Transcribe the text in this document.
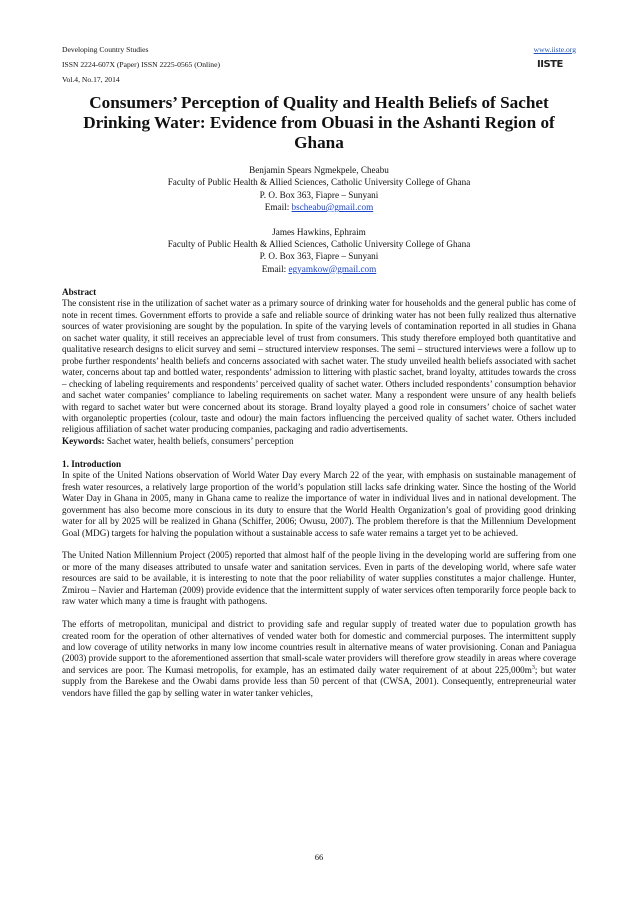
Developing Country Studies
ISSN 2224-607X (Paper) ISSN 2225-0565 (Online)
Vol.4, No.17, 2014
www.iiste.org
IISTE
Consumers’ Perception of Quality and Health Beliefs of Sachet Drinking Water: Evidence from Obuasi in the Ashanti Region of Ghana
Benjamin Spears Ngmekpele, Cheabu
Faculty of Public Health & Allied Sciences, Catholic University College of Ghana
P. O. Box 363, Fiapre – Sunyani
Email: bscheabu@gmail.com
James Hawkins, Ephraim
Faculty of Public Health & Allied Sciences, Catholic University College of Ghana
P. O. Box 363, Fiapre – Sunyani
Email: egyamkow@gmail.com
Abstract

The consistent rise in the utilization of sachet water as a primary source of drinking water for households and the general public has come of note in recent times. Government efforts to provide a safe and reliable source of drinking water has not been fully realized thus alternative sources of water provisioning are sought by the population. In spite of the varying levels of contamination reported in all studies in Ghana on sachet water quality, it still receives an appreciable level of trust from consumers. This study therefore employed both quantitative and qualitative research designs to elicit survey and semi – structured interview responses. The semi – structured interviews were a follow up to probe further respondents’ health beliefs and concerns associated with sachet water. The study unveiled health beliefs associated with sachet water, concerns about tap and bottled water, respondents’ admission to littering with plastic sachet, brand loyalty, attitudes towards the cross – checking of labeling requirements and respondents’ perceived quality of sachet water. Others included respondents’ consumption behavior and sachet water companies’ compliance to labeling requirements on sachet water. Many a respondent were unsure of any health beliefs with regard to sachet water but were concerned about its storage. Brand loyalty played a good role in consumers’ choice of sachet water with organoleptic properties (colour, taste and odour) the main factors influencing the perceived quality of sachet water. Others included religious affiliation of sachet water producing companies, packaging and radio advertisements.

Keywords: Sachet water, health beliefs, consumers’ perception

1. Introduction

In spite of the United Nations observation of World Water Day every March 22 of the year, with emphasis on sustainable management of fresh water resources, a relatively large proportion of the world’s population still lacks safe drinking water. Since the hosting of the World Water Day in Ghana in 2005, many in Ghana came to realize the importance of water in individual lives and in national development. The government has also become more conscious in its duty to ensure that the World Health Organization’s goal of providing good drinking water for all by 2025 will be realized in Ghana (Schiffer, 2006; Owusu, 2007). The problem therefore is that the Millennium Development Goal (MDG) targets for halving the population without a sustainable access to safe water remains a target yet to be achieved.

The United Nation Millennium Project (2005) reported that almost half of the people living in the developing world are suffering from one or more of the many diseases attributed to unsafe water and sanitation services. Even in parts of the developing world, where safe water resources are said to be available, it is interesting to note that the poor reliability of water supplies constitutes a major challenge. Hunter, Zmirou – Navier and Harteman (2009) provide evidence that the intermittent supply of water services often temporarily force people back to raw water which many a time is fraught with pathogens.

The efforts of metropolitan, municipal and district to providing safe and regular supply of treated water due to population growth has created room for the operation of other alternatives of vended water both for domestic and commercial purposes. The intermittent supply and low coverage of utility networks in many low income countries result in alternative means of water provisioning. Conan and Paniagua (2003) provide support to the aforementioned assertion that small-scale water providers will therefore grow steadily in areas where coverage and services are poor. The Kumasi metropolis, for example, has an estimated daily water requirement of at about $225,000m^3$; but water supply from the Barekese and the Owabi dams provide less than 50 percent of that (CWSA, 2001). Consequently, entrepreneurial water vendors have filled the gap by selling water in water tanker vehicles,

66
